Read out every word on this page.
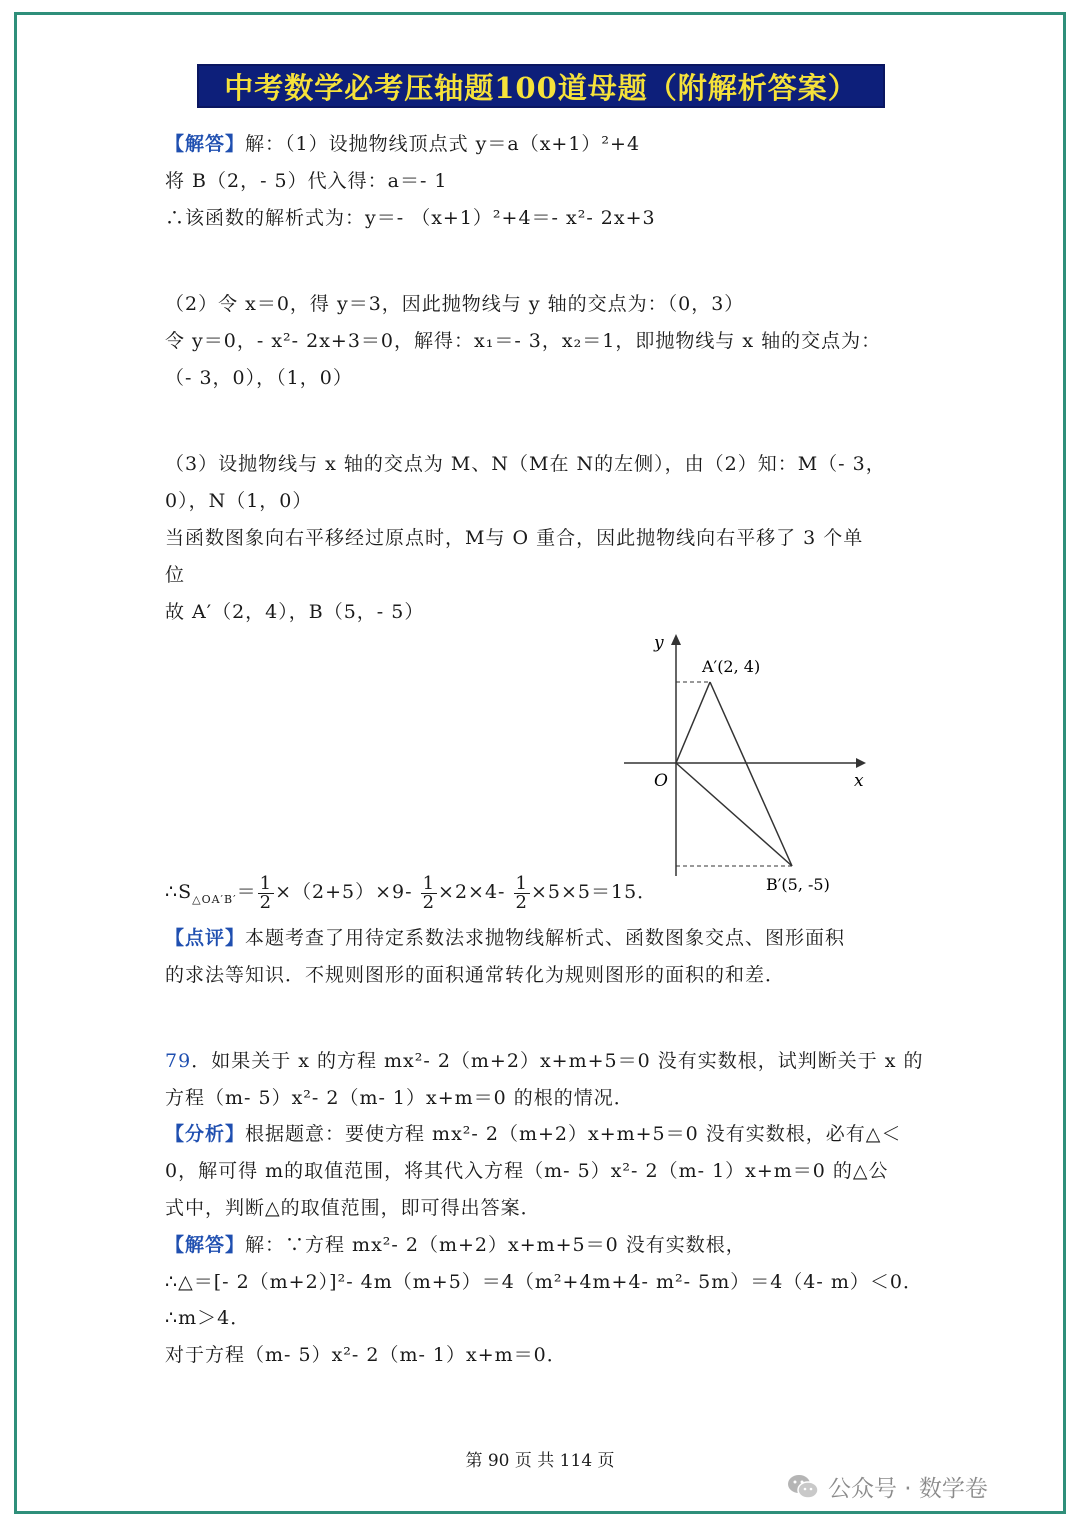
中考数学必考压轴题100道母题（附解析答案）
【解答】解：（1）设抛物线顶点式 y＝a（x+1）²+4
将 B（2，- 5）代入得：a＝- 1
∴该函数的解析式为：y＝- （x+1）²+4＝- x²- 2x+3
（2）令 x＝0，得 y＝3，因此抛物线与 y 轴的交点为：（0，3）
令 y＝0，- x²- 2x+3＝0，解得：x₁＝- 3，x₂＝1，即抛物线与 x 轴的交点为：
（- 3，0），（1，0）
（3）设抛物线与 x 轴的交点为 M、N（M在 N的左侧），由（2）知：M（- 3，
0），N（1，0）
当函数图象向右平移经过原点时，M与 O 重合，因此抛物线向右平移了 3 个单
位
故 A′（2，4），B（5，- 5）
y
x
O
A′(2, 4)
B′(5, -5)
$\therefore S_{\triangle OA'B'}= \frac{1}{2} \times(2+5)\times 9- \frac{1}{2} \times 2\times 4- \frac{1}{2} \times 5\times 5=15$．
【点评】本题考查了用待定系数法求抛物线解析式、函数图象交点、图形面积
的求法等知识．不规则图形的面积通常转化为规则图形的面积的和差．
79．如果关于 x 的方程 mx²- 2（m+2）x+m+5＝0 没有实数根，试判断关于 x 的
方程（m- 5）x²- 2（m- 1）x+m＝0 的根的情况．
【分析】根据题意：要使方程 mx²- 2（m+2）x+m+5＝0 没有实数根，必有△＜
0，解可得 m的取值范围，将其代入方程（m- 5）x²- 2（m- 1）x+m＝0 的△公
式中，判断△的取值范围，即可得出答案．
【解答】解：∵方程 mx²- 2（m+2）x+m+5＝0 没有实数根，
∴△＝[- 2（m+2）]²- 4m（m+5）＝4（m²+4m+4- m²- 5m）＝4（4- m）＜0．
∴m＞4．
对于方程（m- 5）x²- 2（m- 1）x+m＝0．
第 90 页 共 114 页
公众号 · 数学卷
